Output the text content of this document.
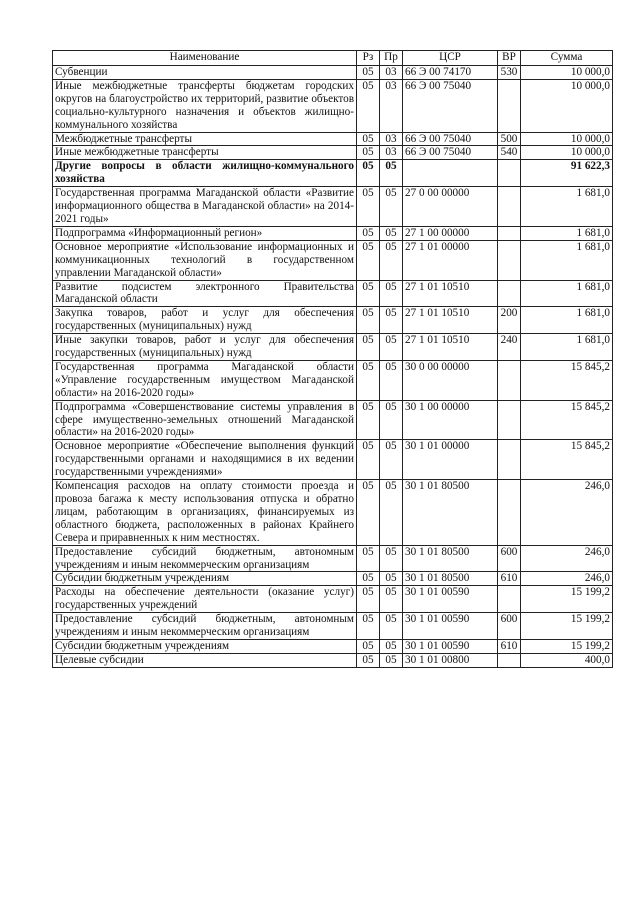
Наименование	Рз	Пр	ЦСР	ВР	Сумма
Субвенции	05	03	66 Э 00 74170	530	10 000,0
Иные межбюджетные трансферты бюджетам городских округов на благоустройство их территорий, развитие объектов социально-культурного назначения и объектов жилищно-коммунального хозяйства	05	03	66 Э 00 75040		10 000,0
Межбюджетные трансферты	05	03	66 Э 00 75040	500	10 000,0
Иные межбюджетные трансферты	05	03	66 Э 00 75040	540	10 000,0
Другие вопросы в области жилищно-коммунального хозяйства	05	05			91 622,3
Государственная программа Магаданской области «Развитие информационного общества в Магаданской области» на 2014-2021 годы»	05	05	27 0 00 00000		1 681,0
Подпрограмма «Информационный регион»	05	05	27 1 00 00000		1 681,0
Основное мероприятие «Использование информационных и коммуникационных технологий в государственном управлении Магаданской области»	05	05	27 1 01 00000		1 681,0
Развитие подсистем электронного Правительства Магаданской области	05	05	27 1 01 10510		1 681,0
Закупка товаров, работ и услуг для обеспечения государственных (муниципальных) нужд	05	05	27 1 01 10510	200	1 681,0
Иные закупки товаров, работ и услуг для обеспечения государственных (муниципальных) нужд	05	05	27 1 01 10510	240	1 681,0
Государственная программа Магаданской области «Управление государственным имуществом Магаданской области» на 2016-2020 годы»	05	05	30 0 00 00000		15 845,2
Подпрограмма «Совершенствование системы управления в сфере имущественно-земельных отношений Магаданской области» на 2016-2020 годы»	05	05	30 1 00 00000		15 845,2
Основное мероприятие «Обеспечение выполнения функций государственными органами и находящимися в их ведении государственными учреждениями»	05	05	30 1 01 00000		15 845,2
Компенсация расходов на оплату стоимости проезда и провоза багажа к месту использования отпуска и обратно лицам, работающим в организациях, финансируемых из областного бюджета, расположенных в районах Крайнего Севера и приравненных к ним местностях.	05	05	30 1 01 80500		246,0
Предоставление субсидий бюджетным, автономным учреждениям и иным некоммерческим организациям	05	05	30 1 01 80500	600	246,0
Субсидии бюджетным учреждениям	05	05	30 1 01 80500	610	246,0
Расходы на обеспечение деятельности (оказание услуг) государственных учреждений	05	05	30 1 01 00590		15 199,2
Предоставление субсидий бюджетным, автономным учреждениям и иным некоммерческим организациям	05	05	30 1 01 00590	600	15 199,2
Субсидии бюджетным учреждениям	05	05	30 1 01 00590	610	15 199,2
Целевые субсидии	05	05	30 1 01 00800		400,0
